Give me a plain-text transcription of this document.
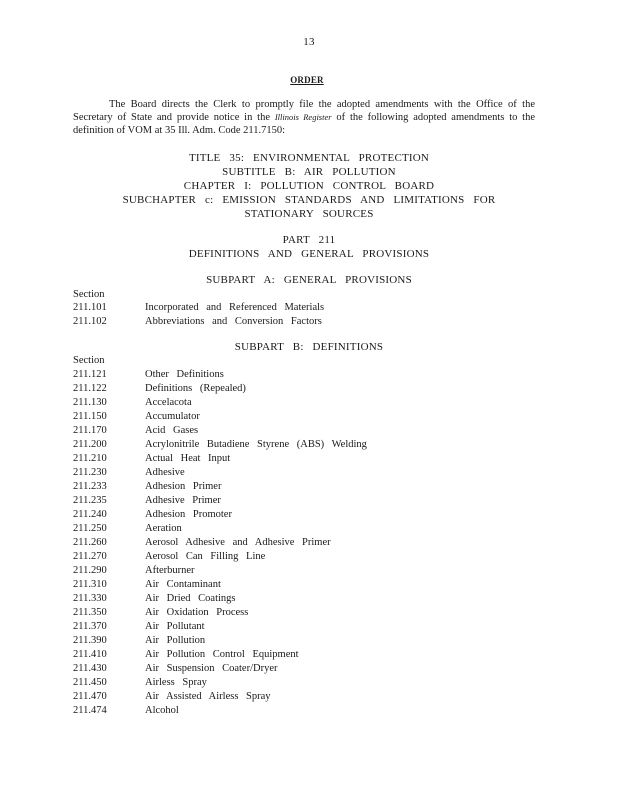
13
ORDER
The Board directs the Clerk to promptly file the adopted amendments with the Office of the Secretary of State and provide notice in the Illinois Register of the following adopted amendments to the definition of VOM at 35 Ill. Adm. Code 211.7150:
TITLE 35: ENVIRONMENTAL PROTECTION
SUBTITLE B: AIR POLLUTION
CHAPTER I: POLLUTION CONTROL BOARD
SUBCHAPTER c: EMISSION STANDARDS AND LIMITATIONS FOR
STATIONARY SOURCES
PART 211
DEFINITIONS AND GENERAL PROVISIONS
SUBPART A: GENERAL PROVISIONS
Section
211.101	Incorporated and Referenced Materials
211.102	Abbreviations and Conversion Factors
SUBPART B: DEFINITIONS
Section
211.121	Other Definitions
211.122	Definitions (Repealed)
211.130	Accelacota
211.150	Accumulator
211.170	Acid Gases
211.200	Acrylonitrile Butadiene Styrene (ABS) Welding
211.210	Actual Heat Input
211.230	Adhesive
211.233	Adhesion Primer
211.235	Adhesive Primer
211.240	Adhesion Promoter
211.250	Aeration
211.260	Aerosol Adhesive and Adhesive Primer
211.270	Aerosol Can Filling Line
211.290	Afterburner
211.310	Air Contaminant
211.330	Air Dried Coatings
211.350	Air Oxidation Process
211.370	Air Pollutant
211.390	Air Pollution
211.410	Air Pollution Control Equipment
211.430	Air Suspension Coater/Dryer
211.450	Airless Spray
211.470	Air Assisted Airless Spray
211.474	Alcohol
